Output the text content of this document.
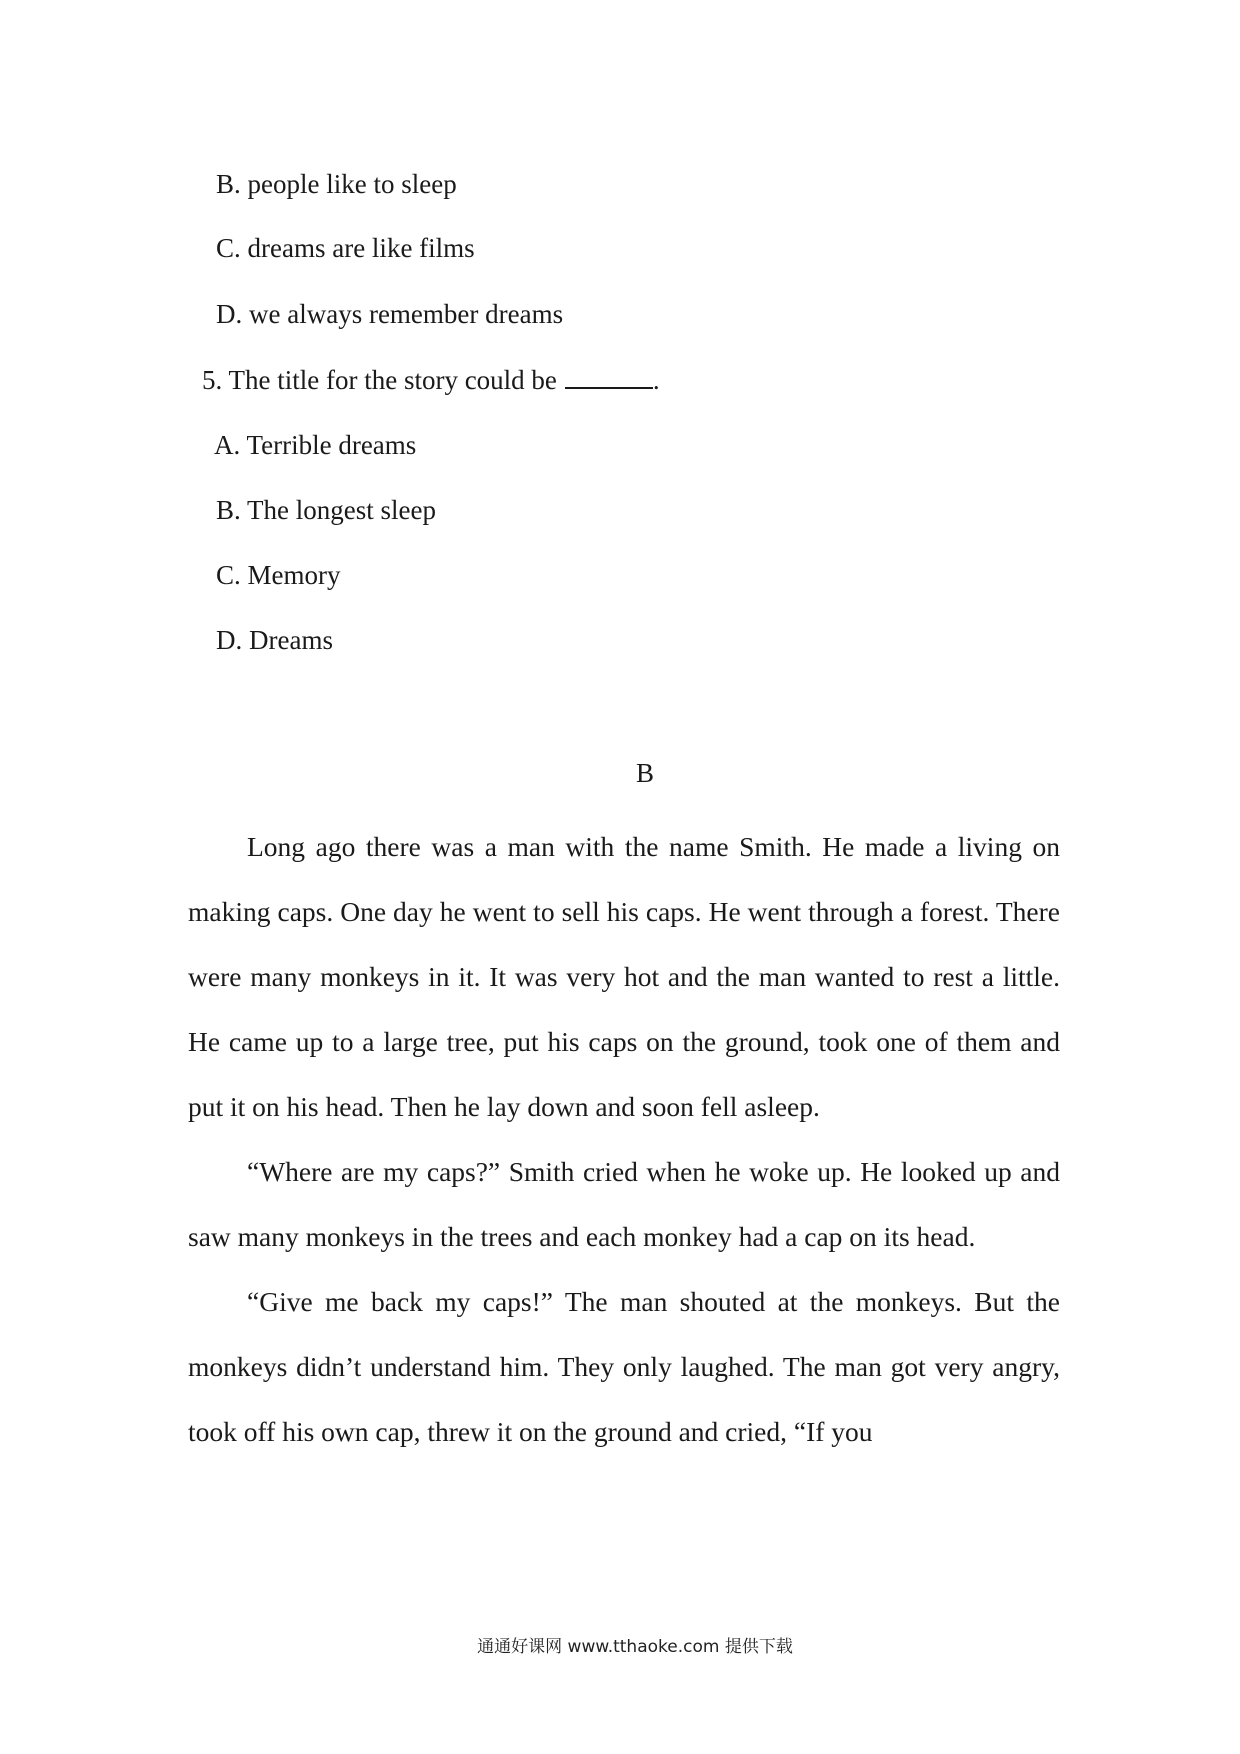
B. people like to sleep
C. dreams are like films
D. we always remember dreams
5. The title for the story could be	.
A. Terrible dreams
B. The longest sleep
C. Memory
D. Dreams
B

Long ago there was a man with the name Smith. He made a living on making caps. One day he went to sell his caps. He went through a forest. There were many monkeys in it. It was very hot and the man wanted to rest a little. He came up to a large tree, put his caps on the ground, took one of them and put it on his head. Then he lay down and soon fell asleep.

“Where are my caps?” Smith cried when he woke up. He looked up and saw many monkeys in the trees and each monkey had a cap on its head.

“Give me back my caps!” The man shouted at the monkeys. But the monkeys didn’t understand him. They only laughed. The man got very angry, took off his own cap, threw it on the ground and cried, “If you

通通好课网 www.tthaoke.com 提供下载
